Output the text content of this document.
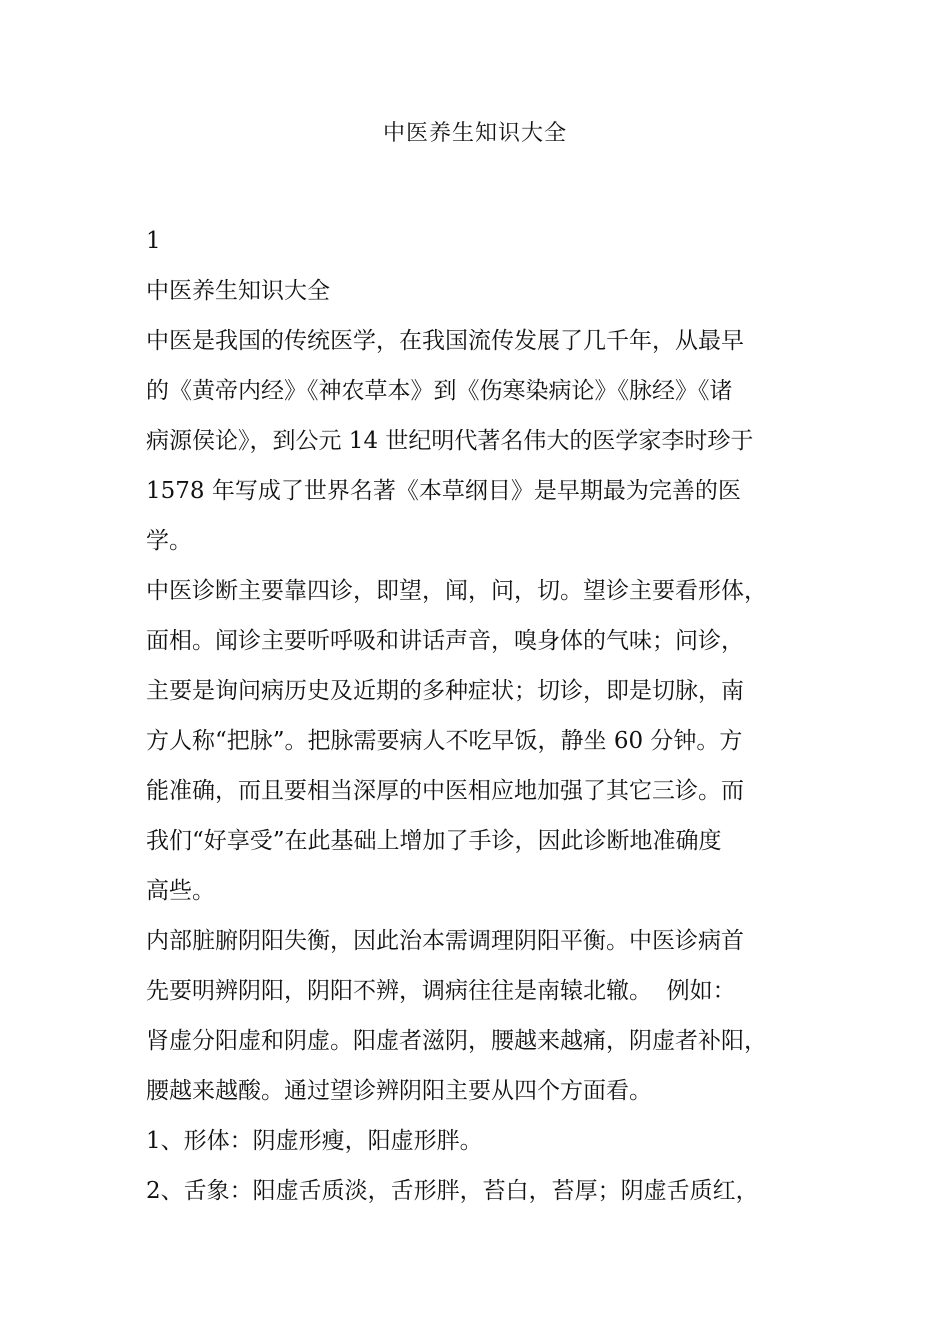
中医养生知识大全
1
中医养生知识大全
中医是我国的传统医学，在我国流传发展了几千年，从最早
的《黄帝内经》《神农草本》到《伤寒染病论》《脉经》《诸
病源侯论》，到公元 14 世纪明代著名伟大的医学家李时珍于
1578 年写成了世界名著《本草纲目》是早期最为完善的医
学。
中医诊断主要靠四诊，即望，闻，问，切。望诊主要看形体，
面相。闻诊主要听呼吸和讲话声音，嗅身体的气味；问诊，
主要是询问病历史及近期的多种症状；切诊，即是切脉，南
方人称“把脉”。把脉需要病人不吃早饭，静坐 60 分钟。方
能准确，而且要相当深厚的中医相应地加强了其它三诊。而
我们“好享受”在此基础上增加了手诊，因此诊断地准确度
高些。
内部脏腑阴阳失衡，因此治本需调理阴阳平衡。中医诊病首
先要明辨阴阳，阴阳不辨，调病往往是南辕北辙。  例如：
肾虚分阳虚和阴虚。阳虚者滋阴，腰越来越痛，阴虚者补阳，
腰越来越酸。通过望诊辨阴阳主要从四个方面看。
1、形体：阴虚形瘦，阳虚形胖。
2、舌象：阳虚舌质淡，舌形胖，苔白，苔厚；阴虚舌质红，
